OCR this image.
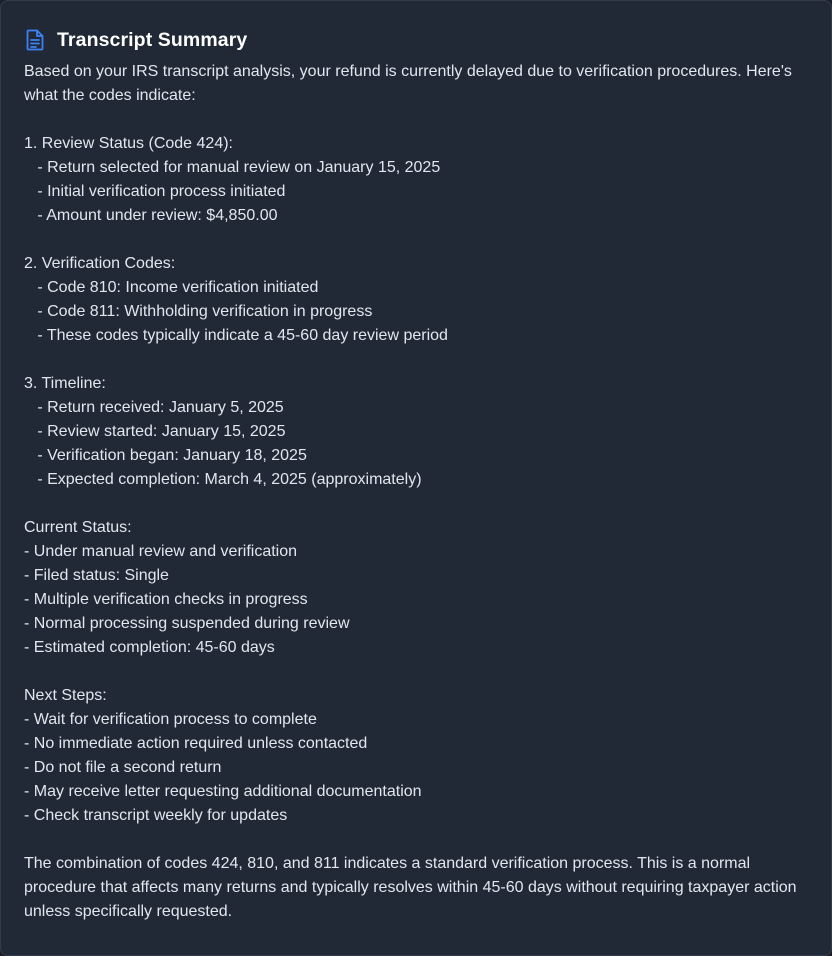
Transcript Summary
Based on your IRS transcript analysis, your refund is currently delayed due to verification procedures. Here's what the codes indicate:
1. Review Status (Code 424):
- Return selected for manual review on January 15, 2025
- Initial verification process initiated
- Amount under review: $4,850.00
2. Verification Codes:
- Code 810: Income verification initiated
- Code 811: Withholding verification in progress
- These codes typically indicate a 45-60 day review period
3. Timeline:
- Return received: January 5, 2025
- Review started: January 15, 2025
- Verification began: January 18, 2025
- Expected completion: March 4, 2025 (approximately)
Current Status:
- Under manual review and verification
- Filed status: Single
- Multiple verification checks in progress
- Normal processing suspended during review
- Estimated completion: 45-60 days
Next Steps:
- Wait for verification process to complete
- No immediate action required unless contacted
- Do not file a second return
- May receive letter requesting additional documentation
- Check transcript weekly for updates
The combination of codes 424, 810, and 811 indicates a standard verification process. This is a normal procedure that affects many returns and typically resolves within 45-60 days without requiring taxpayer action unless specifically requested.
